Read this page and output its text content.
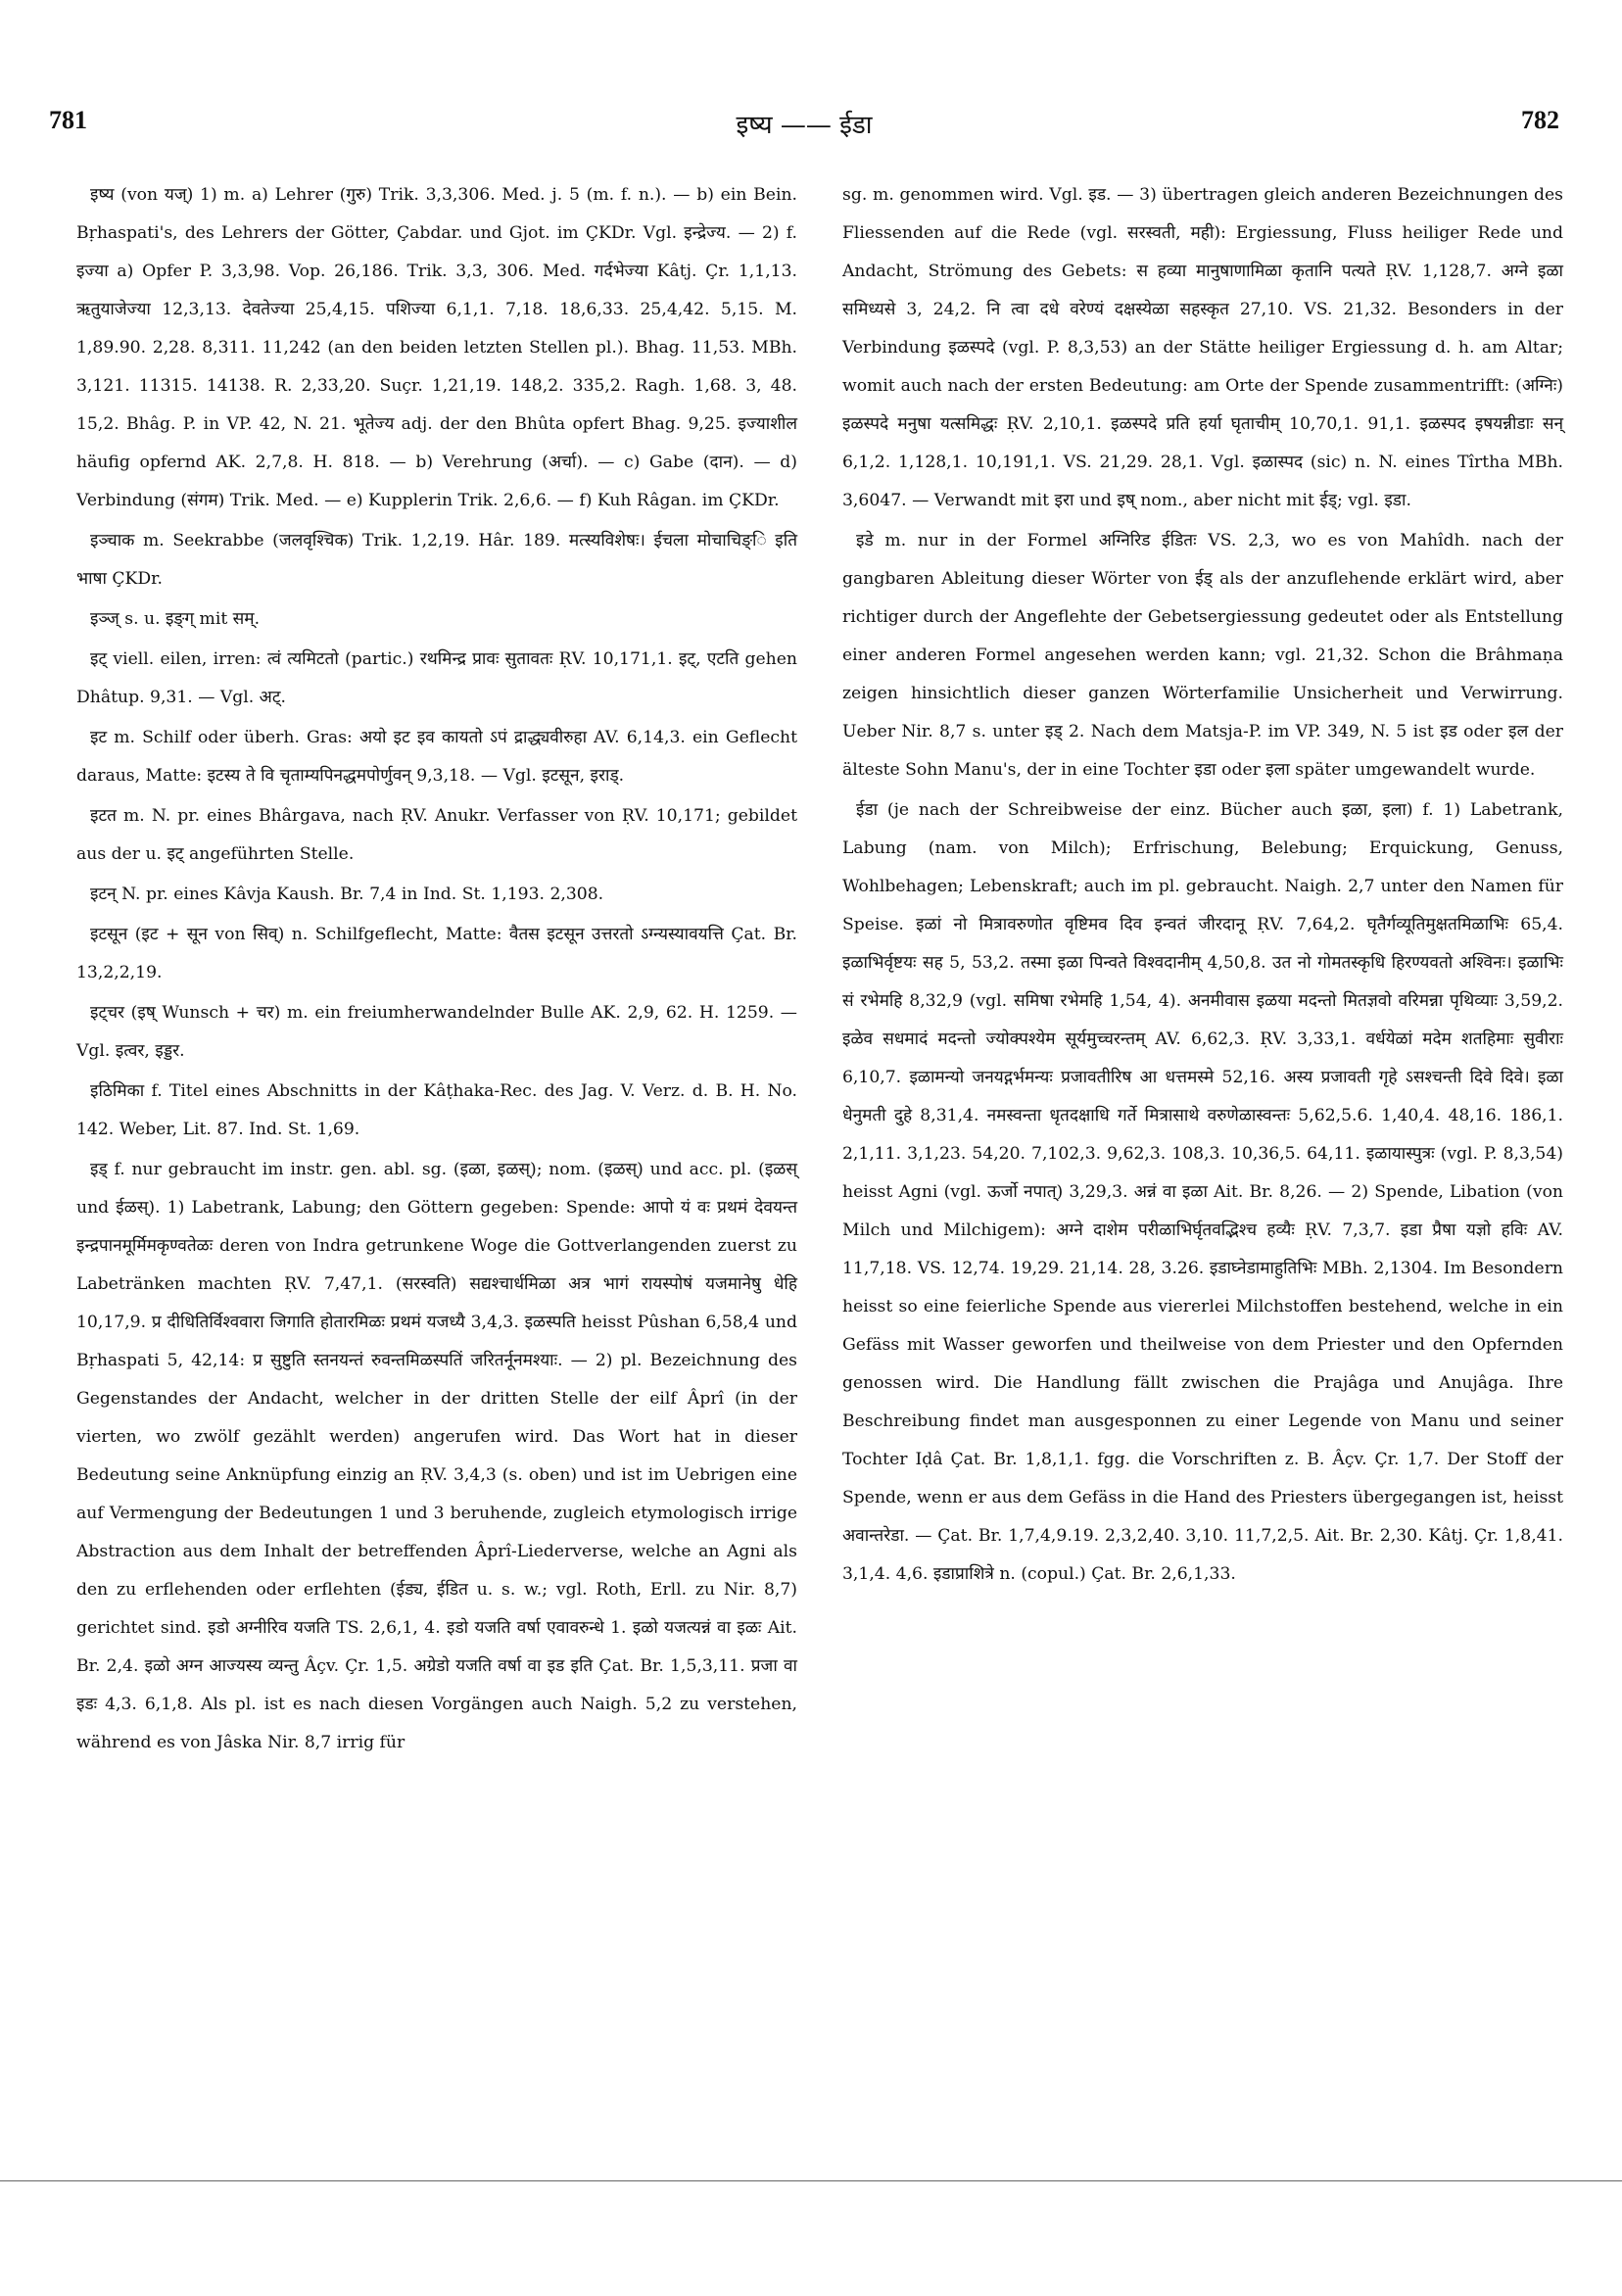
781	इष्य —— ईडा	782

इष्य (von यज्) 1) m. a) Lehrer (गुरु) Trik. 3,3,306. Med. j. 5 (m. f. n.). — b) ein Bein. Bṛhaspati's, des Lehrers der Götter, Çabdar. und Gjot. im ÇKDr. Vgl. इन्द्रेज्य. — 2) f. इज्या a) Opfer P. 3,3,98. Vop. 26,186. Trik. 3,3, 306. Med. गर्दभेज्या Kâtj. Çr. 1,1,13. ऋतुयाजेज्या 12,3,13. देवतेज्या 25,4,15. पशिज्या 6,1,1. 7,18. 18,6,33. 25,4,42. 5,15. M. 1,89.90. 2,28. 8,311. 11,242 (an den beiden letzten Stellen pl.). Bhag. 11,53. MBh. 3,121. 11315. 14138. R. 2,33,20. Suçr. 1,21,19. 148,2. 335,2. Ragh. 1,68. 3, 48. 15,2. Bhâg. P. in VP. 42, N. 21. भूतेज्य adj. der den Bhûta opfert Bhag. 9,25. इज्याशील häufig opfernd AK. 2,7,8. H. 818. — b) Verehrung (अर्चा). — c) Gabe (दान). — d) Verbindung (संगम) Trik. Med. — e) Kupplerin Trik. 2,6,6. — f) Kuh Râgan. im ÇKDr.

इञ्चाक m. Seekrabbe (जलवृश्चिक) Trik. 1,2,19. Hâr. 189. मत्स्यविशेषः। ईचला मोचाचिङ्ि इति भाषा ÇKDr.

इञ्ज् s. u. इङ्ग् mit सम्.

इट् viell. eilen, irren: त्वं त्यमिटतो (partic.) रथमिन्द्र प्रावः सुतावतः ṚV. 10,171,1. इट्, एटति gehen Dhâtup. 9,31. — Vgl. अट्.

इट m. Schilf oder überh. Gras: अयो इट इव कायतो ऽपं द्राद्ध्यवीरुहा AV. 6,14,3. ein Geflecht daraus, Matte: इटस्य ते वि चृताम्यपिनद्धमपोर्णुवन् 9,3,18. — Vgl. इटसून, इराड्.

इटत m. N. pr. eines Bhârgava, nach ṚV. Anukr. Verfasser von ṚV. 10,171; gebildet aus der u. इट् angeführten Stelle.

इटन् N. pr. eines Kâvja Kaush. Br. 7,4 in Ind. St. 1,193. 2,308.

इटसून (इट + सून von सिव्) n. Schilfgeflecht, Matte: वैतस इटसून उत्तरतो ऽग्न्यस्यावयत्ति Çat. Br. 13,2,2,19.

इट्चर (इष् Wunsch + चर) m. ein freiumherwandelnder Bulle AK. 2,9, 62. H. 1259. — Vgl. इत्वर, इड्डर.

इठिमिका f. Titel eines Abschnitts in der Kâṭhaka-Rec. des Jag. V. Verz. d. B. H. No. 142. Weber, Lit. 87. Ind. St. 1,69.

इड् f. nur gebraucht im instr. gen. abl. sg. (इळा, इळस्); nom. (इळस्) und acc. pl. (इळस् und ईळस्). 1) Labetrank, Labung; den Göttern gegeben: Spende: आपो यं वः प्रथमं देवयन्त इन्द्रपानमूर्मिमकृण्वतेळः deren von Indra getrunkene Woge die Gottverlangenden zuerst zu Labetränken machten ṚV. 7,47,1. (सरस्वति) सद्यश्चार्धमिळा अत्र भागं रायस्पोषं यजमानेषु धेहि 10,17,9. प्र दीधितिर्विश्ववारा जिगाति होतारमिळः प्रथमं यजध्यै 3,4,3. इळस्पति heisst Pûshan 6,58,4 und Bṛhaspati 5, 42,14: प्र सुष्टुति स्तनयन्तं रुवन्तमिळस्पतिं जरितर्नूनमश्याः. — 2) pl. Bezeichnung des Gegenstandes der Andacht, welcher in der dritten Stelle der eilf Âprî (in der vierten, wo zwölf gezählt werden) angerufen wird. Das Wort hat in dieser Bedeutung seine Anknüpfung einzig an ṚV. 3,4,3 (s. oben) und ist im Uebrigen eine auf Vermengung der Bedeutungen 1 und 3 beruhende, zugleich etymologisch irrige Abstraction aus dem Inhalt der betreffenden Âprî-Liederverse, welche an Agni als den zu erflehenden oder erflehten (ईड्य, ईडित u. s. w.; vgl. Roth, Erll. zu Nir. 8,7) gerichtet sind. इडो अग्नीरिव यजति TS. 2,6,1, 4. इडो यजति वर्षा एवावरुन्धे 1. इळो यजत्यन्नं वा इळः Ait. Br. 2,4. इळो अग्न आज्यस्य व्यन्तु Âçv. Çr. 1,5. अग्रेडो यजति वर्षा वा इड इति Çat. Br. 1,5,3,11. प्रजा वा इडः 4,3. 6,1,8. Als pl. ist es nach diesen Vorgängen auch Naigh. 5,2 zu verstehen, während es von Jâska Nir. 8,7 irrig für

sg. m. genommen wird. Vgl. इड. — 3) übertragen gleich anderen Bezeichnungen des Fliessenden auf die Rede (vgl. सरस्वती, मही): Ergiessung, Fluss heiliger Rede und Andacht, Strömung des Gebets: स हव्या मानुषाणामिळा कृतानि पत्यते ṚV. 1,128,7. अग्ने इळा समिध्यसे 3, 24,2. नि त्वा दधे वरेण्यं दक्षस्येळा सहस्कृत 27,10. VS. 21,32. Besonders in der Verbindung इळस्पदे (vgl. P. 8,3,53) an der Stätte heiliger Ergiessung d. h. am Altar; womit auch nach der ersten Bedeutung: am Orte der Spende zusammentrifft: (अग्निः) इळस्पदे मनुषा यत्समिद्धः ṚV. 2,10,1. इळस्पदे प्रति हर्या घृताचीम् 10,70,1. 91,1. इळस्पद इषयन्नीडाः सन् 6,1,2. 1,128,1. 10,191,1. VS. 21,29. 28,1. Vgl. इळास्पद (sic) n. N. eines Tîrtha MBh. 3,6047. — Verwandt mit इरा und इष् nom., aber nicht mit ईड्; vgl. इडा.

इडे m. nur in der Formel अग्निरिड ईडितः VS. 2,3, wo es von Mahîdh. nach der gangbaren Ableitung dieser Wörter von ईड् als der anzuflehende erklärt wird, aber richtiger durch der Angeflehte der Gebetsergiessung gedeutet oder als Entstellung einer anderen Formel angesehen werden kann; vgl. 21,32. Schon die Brâhmaṇa zeigen hinsichtlich dieser ganzen Wörterfamilie Unsicherheit und Verwirrung. Ueber Nir. 8,7 s. unter इड् 2. Nach dem Matsja-P. im VP. 349, N. 5 ist इड oder इल der älteste Sohn Manu's, der in eine Tochter इडा oder इला später umgewandelt wurde.

ईडा (je nach der Schreibweise der einz. Bücher auch इळा, इला) f. 1) Labetrank, Labung (nam. von Milch); Erfrischung, Belebung; Erquickung, Genuss, Wohlbehagen; Lebenskraft; auch im pl. gebraucht. Naigh. 2,7 unter den Namen für Speise. इळां नो मित्रावरुणोत वृष्टिमव दिव इन्वतं जीरदानू ṚV. 7,64,2. घृतैर्गव्यूतिमुक्षतमिळाभिः 65,4. इळाभिर्वृष्टयः सह 5, 53,2. तस्मा इळा पिन्वते विश्वदानीम् 4,50,8. उत नो गोमतस्कृधि हिरण्यवतो अश्विनः। इळाभिः सं रभेमहि 8,32,9 (vgl. समिषा रभेमहि 1,54, 4). अनमीवास इळया मदन्तो मितज्ञवो वरिमन्ना पृथिव्याः 3,59,2. इळेव सधमादं मदन्तो ज्योक्पश्येम सूर्यमुच्चरन्तम् AV. 6,62,3. ṚV. 3,33,1. वर्धयेळां मदेम शतहिमाः सुवीराः 6,10,7. इळामन्यो जनयद्गर्भमन्यः प्रजावतीरिष आ धत्तमस्मे 52,16. अस्य प्रजावती गृहे ऽसश्चन्ती दिवे दिवे। इळा धेनुमती दुहे 8,31,4. नमस्वन्ता धृतदक्षाधि गर्ते मित्रासाथे वरुणेळास्वन्तः 5,62,5.6. 1,40,4. 48,16. 186,1. 2,1,11. 3,1,23. 54,20. 7,102,3. 9,62,3. 108,3. 10,36,5. 64,11. इळायास्पुत्रः (vgl. P. 8,3,54) heisst Agni (vgl. ऊर्जो नपात्) 3,29,3. अन्नं वा इळा Ait. Br. 8,26. — 2) Spende, Libation (von Milch und Milchigem): अग्ने दाशेम परीळाभिर्घृतवद्भिश्च हव्यैः ṚV. 7,3,7. इडा प्रैषा यज्ञो हविः AV. 11,7,18. VS. 12,74. 19,29. 21,14. 28, 3.26. इडाघ्नेडामाहुतिभिः MBh. 2,1304. Im Besondern heisst so eine feierliche Spende aus viererlei Milchstoffen bestehend, welche in ein Gefäss mit Wasser geworfen und theilweise von dem Priester und den Opfernden genossen wird. Die Handlung fällt zwischen die Prajâga und Anujâga. Ihre Beschreibung findet man ausgesponnen zu einer Legende von Manu und seiner Tochter Iḍâ Çat. Br. 1,8,1,1. fgg. die Vorschriften z. B. Âçv. Çr. 1,7. Der Stoff der Spende, wenn er aus dem Gefäss in die Hand des Priesters übergegangen ist, heisst अवान्तरेडा. — Çat. Br. 1,7,4,9.19. 2,3,2,40. 3,10. 11,7,2,5. Ait. Br. 2,30. Kâtj. Çr. 1,8,41. 3,1,4. 4,6. इडाप्राशित्रे n. (copul.) Çat. Br. 2,6,1,33.
